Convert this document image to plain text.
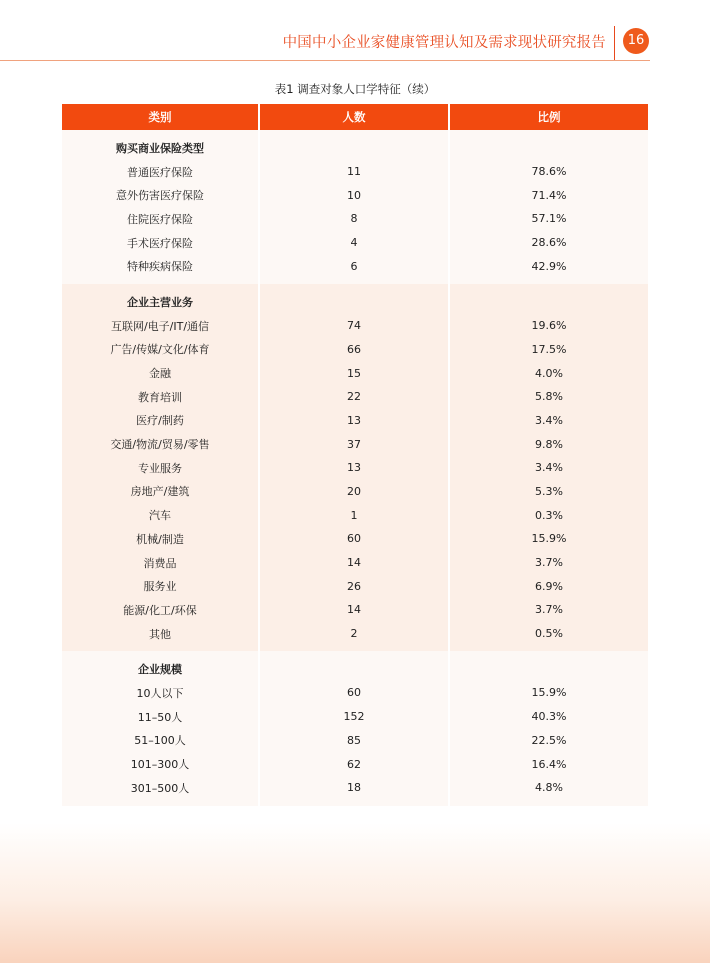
中国中小企业家健康管理认知及需求现状研究报告	16
表1 调查对象人口学特征（续）
类别	人数	比例
购买商业保险类型		
普通医疗保险	11	78.6%
意外伤害医疗保险	10	71.4%
住院医疗保险	8	57.1%
手术医疗保险	4	28.6%
特种疾病保险	6	42.9%
企业主营业务		
互联网/电子/IT/通信	74	19.6%
广告/传媒/文化/体育	66	17.5%
金融	15	4.0%
教育培训	22	5.8%
医疗/制药	13	3.4%
交通/物流/贸易/零售	37	9.8%
专业服务	13	3.4%
房地产/建筑	20	5.3%
汽车	1	0.3%
机械/制造	60	15.9%
消费品	14	3.7%
服务业	26	6.9%
能源/化工/环保	14	3.7%
其他	2	0.5%
企业规模		
10人以下	60	15.9%
11–50人	152	40.3%
51–100人	85	22.5%
101–300人	62	16.4%
301–500人	18	4.8%
